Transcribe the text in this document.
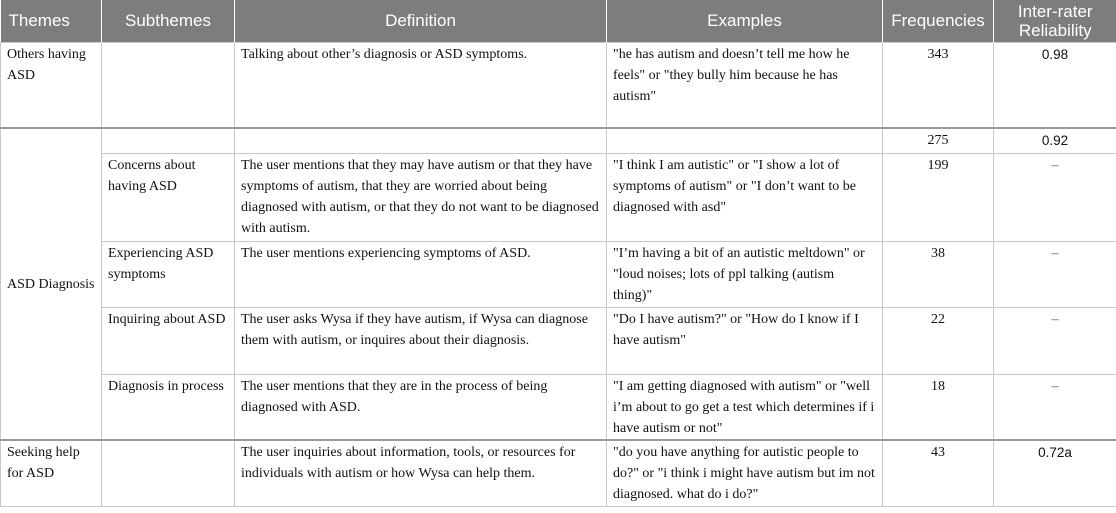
Themes	Subthemes	Definition	Examples	Frequencies	Inter-rater Reliability
Others having ASD		Talking about other’s diagnosis or ASD symptoms.	"he has autism and doesn’t tell me how he feels" or "they bully him because he has autism"	343	0.98
ASD Diagnosis				275	0.92
	Concerns about having ASD	The user mentions that they may have autism or that they have symptoms of autism, that they are worried about being diagnosed with autism, or that they do not want to be diagnosed with autism.	"I think I am autistic" or "I show a lot of symptoms of autism" or "I don’t want to be diagnosed with asd"	199	–
	Experiencing ASD symptoms	The user mentions experiencing symptoms of ASD.	"I’m having a bit of an autistic meltdown" or "loud noises; lots of ppl talking (autism thing)"	38	–
	Inquiring about ASD	The user asks Wysa if they have autism, if Wysa can diagnose them with autism, or inquires about their diagnosis.	"Do I have autism?" or "How do I know if I have autism"	22	–
	Diagnosis in process	The user mentions that they are in the process of being diagnosed with ASD.	"I am getting diagnosed with autism" or "well i’m about to go get a test which determines if i have autism or not"	18	–
Seeking help for ASD		The user inquiries about information, tools, or resources for individuals with autism or how Wysa can help them.	"do you have anything for autistic people to do?" or "i think i might have autism but im not diagnosed. what do i do?"	43	0.72a
